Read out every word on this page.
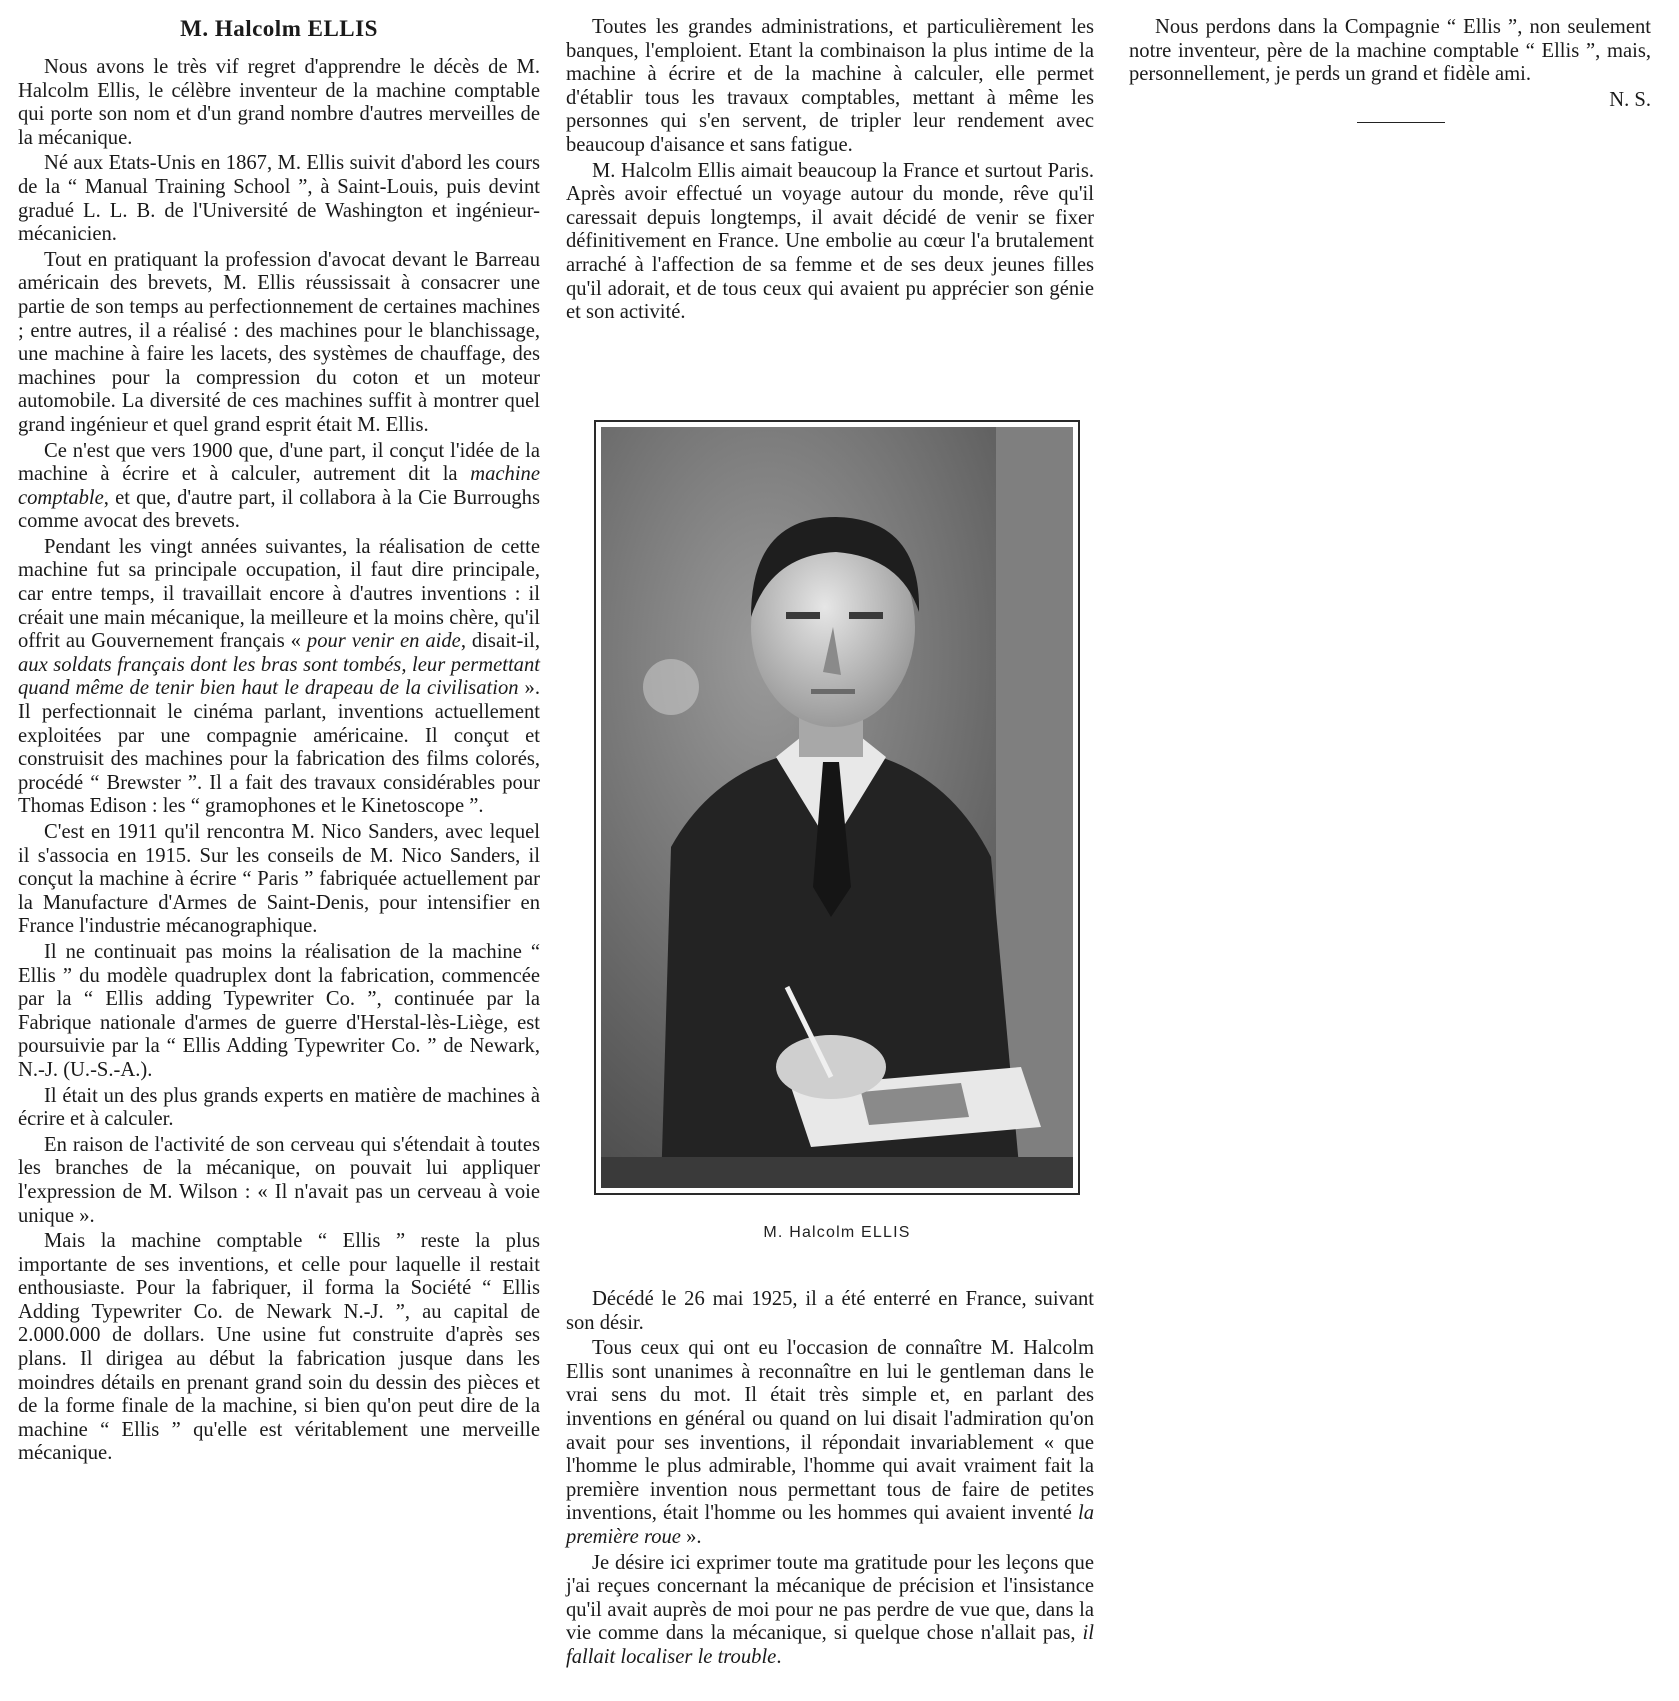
M. Halcolm ELLIS

Nous avons le très vif regret d'apprendre le décès de M. Halcolm Ellis, le célèbre inventeur de la machine comptable qui porte son nom et d'un grand nombre d'autres merveilles de la mécanique.

Né aux Etats-Unis en 1867, M. Ellis suivit d'abord les cours de la “ Manual Training School ”, à Saint-Louis, puis devint gradué L. L. B. de l'Université de Washington et ingénieur-mécanicien.

Tout en pratiquant la profession d'avocat devant le Barreau américain des brevets, M. Ellis réussissait à consacrer une partie de son temps au perfectionnement de certaines machines ; entre autres, il a réalisé : des machines pour le blanchissage, une machine à faire les lacets, des systèmes de chauffage, des machines pour la compression du coton et un moteur automobile. La diversité de ces machines suffit à montrer quel grand ingénieur et quel grand esprit était M. Ellis.

Ce n'est que vers 1900 que, d'une part, il conçut l'idée de la machine à écrire et à calculer, autrement dit la machine comptable, et que, d'autre part, il collabora à la Cie Burroughs comme avocat des brevets.

Pendant les vingt années suivantes, la réalisation de cette machine fut sa principale occupation, il faut dire principale, car entre temps, il travaillait encore à d'autres inventions : il créait une main mécanique, la meilleure et la moins chère, qu'il offrit au Gouvernement français « pour venir en aide, disait-il, aux soldats français dont les bras sont tombés, leur permettant quand même de tenir bien haut le drapeau de la civilisation ». Il perfectionnait le cinéma parlant, inventions actuellement exploitées par une compagnie américaine. Il conçut et construisit des machines pour la fabrication des films colorés, procédé “ Brewster ”. Il a fait des travaux considérables pour Thomas Edison : les “ gramophones et le Kinetoscope ”.

C'est en 1911 qu'il rencontra M. Nico Sanders, avec lequel il s'associa en 1915. Sur les conseils de M. Nico Sanders, il conçut la machine à écrire “ Paris ” fabriquée actuellement par la Manufacture d'Armes de Saint-Denis, pour intensifier en France l'industrie mécanographique.

Il ne continuait pas moins la réalisation de la machine “ Ellis ” du modèle quadruplex dont la fabrication, commencée par la “ Ellis adding Typewriter Co. ”, continuée par la Fabrique nationale d'armes de guerre d'Herstal-lès-Liège, est poursuivie par la “ Ellis Adding Typewriter Co. ” de Newark, N.-J. (U.-S.-A.).

Il était un des plus grands experts en matière de machines à écrire et à calculer.

En raison de l'activité de son cerveau qui s'étendait à toutes les branches de la mécanique, on pouvait lui appliquer l'expression de M. Wilson : « Il n'avait pas un cerveau à voie unique ».

Mais la machine comptable “ Ellis ” reste la plus importante de ses inventions, et celle pour laquelle il restait enthousiaste. Pour la fabriquer, il forma la Société “ Ellis Adding Typewriter Co. de Newark N.-J. ”, au capital de 2.000.000 de dollars. Une usine fut construite d'après ses plans. Il dirigea au début la fabrication jusque dans les moindres détails en prenant grand soin du dessin des pièces et de la forme finale de la machine, si bien qu'on peut dire de la machine “ Ellis ” qu'elle est véritablement une merveille mécanique.

Toutes les grandes administrations, et particulièrement les banques, l'emploient. Etant la combinaison la plus intime de la machine à écrire et de la machine à calculer, elle permet d'établir tous les travaux comptables, mettant à même les personnes qui s'en servent, de tripler leur rendement avec beaucoup d'aisance et sans fatigue.

M. Halcolm Ellis aimait beaucoup la France et surtout Paris. Après avoir effectué un voyage autour du monde, rêve qu'il caressait depuis longtemps, il avait décidé de venir se fixer définitivement en France. Une embolie au cœur l'a brutalement arraché à l'affection de sa femme et de ses deux jeunes filles qu'il adorait, et de tous ceux qui avaient pu apprécier son génie et son activité.

M. Halcolm ELLIS

Décédé le 26 mai 1925, il a été enterré en France, suivant son désir.

Tous ceux qui ont eu l'occasion de connaître M. Halcolm Ellis sont unanimes à reconnaître en lui le gentleman dans le vrai sens du mot. Il était très simple et, en parlant des inventions en général ou quand on lui disait l'admiration qu'on avait pour ses inventions, il répondait invariablement « que l'homme le plus admirable, l'homme qui avait vraiment fait la première invention nous permettant tous de faire de petites inventions, était l'homme ou les hommes qui avaient inventé la première roue ».

Je désire ici exprimer toute ma gratitude pour les leçons que j'ai reçues concernant la mécanique de précision et l'insistance qu'il avait auprès de moi pour ne pas perdre de vue que, dans la vie comme dans la mécanique, si quelque chose n'allait pas, il fallait localiser le trouble.

Nous perdons dans la Compagnie “ Ellis ”, non seulement notre inventeur, père de la machine comptable “ Ellis ”, mais, personnellement, je perds un grand et fidèle ami.

N. S.
